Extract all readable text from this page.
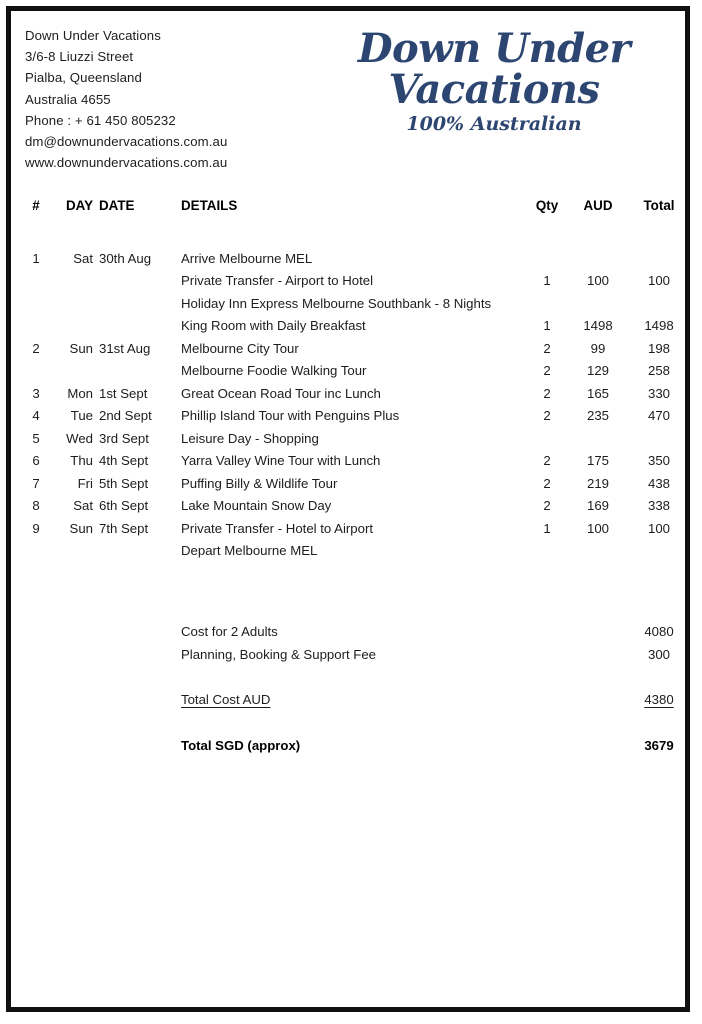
Down Under Vacations
3/6-8 Liuzzi Street
Pialba, Queensland
Australia 4655
Phone : + 61 450 805232
dm@downundervacations.com.au
www.downundervacations.com.au
Down Under
Vacations
100% Australian
#	DAY DATE	DETAILS	Qty	AUD	Total
1	Sat 30th Aug	Arrive Melbourne MEL
Private Transfer - Airport to Hotel	1	100	100
Holiday Inn Express Melbourne Southbank - 8 Nights
King Room with Daily Breakfast	1	1498	1498
2	Sun 31st Aug	Melbourne City Tour	2	99	198
Melbourne Foodie Walking Tour	2	129	258
3	Mon 1st Sept	Great Ocean Road Tour inc Lunch	2	165	330
4	Tue 2nd Sept	Phillip Island Tour with Penguins Plus	2	235	470
5	Wed 3rd Sept	Leisure Day - Shopping
6	Thu 4th Sept	Yarra Valley Wine Tour with Lunch	2	175	350
7	Fri 5th Sept	Puffing Billy & Wildlife Tour	2	219	438
8	Sat 6th Sept	Lake Mountain Snow Day	2	169	338
9	Sun 7th Sept	Private Transfer - Hotel to Airport	1	100	100
Depart Melbourne MEL
Cost for 2 Adults	4080
Planning, Booking & Support Fee	300
Total Cost AUD	4380
Total SGD (approx)	3679
